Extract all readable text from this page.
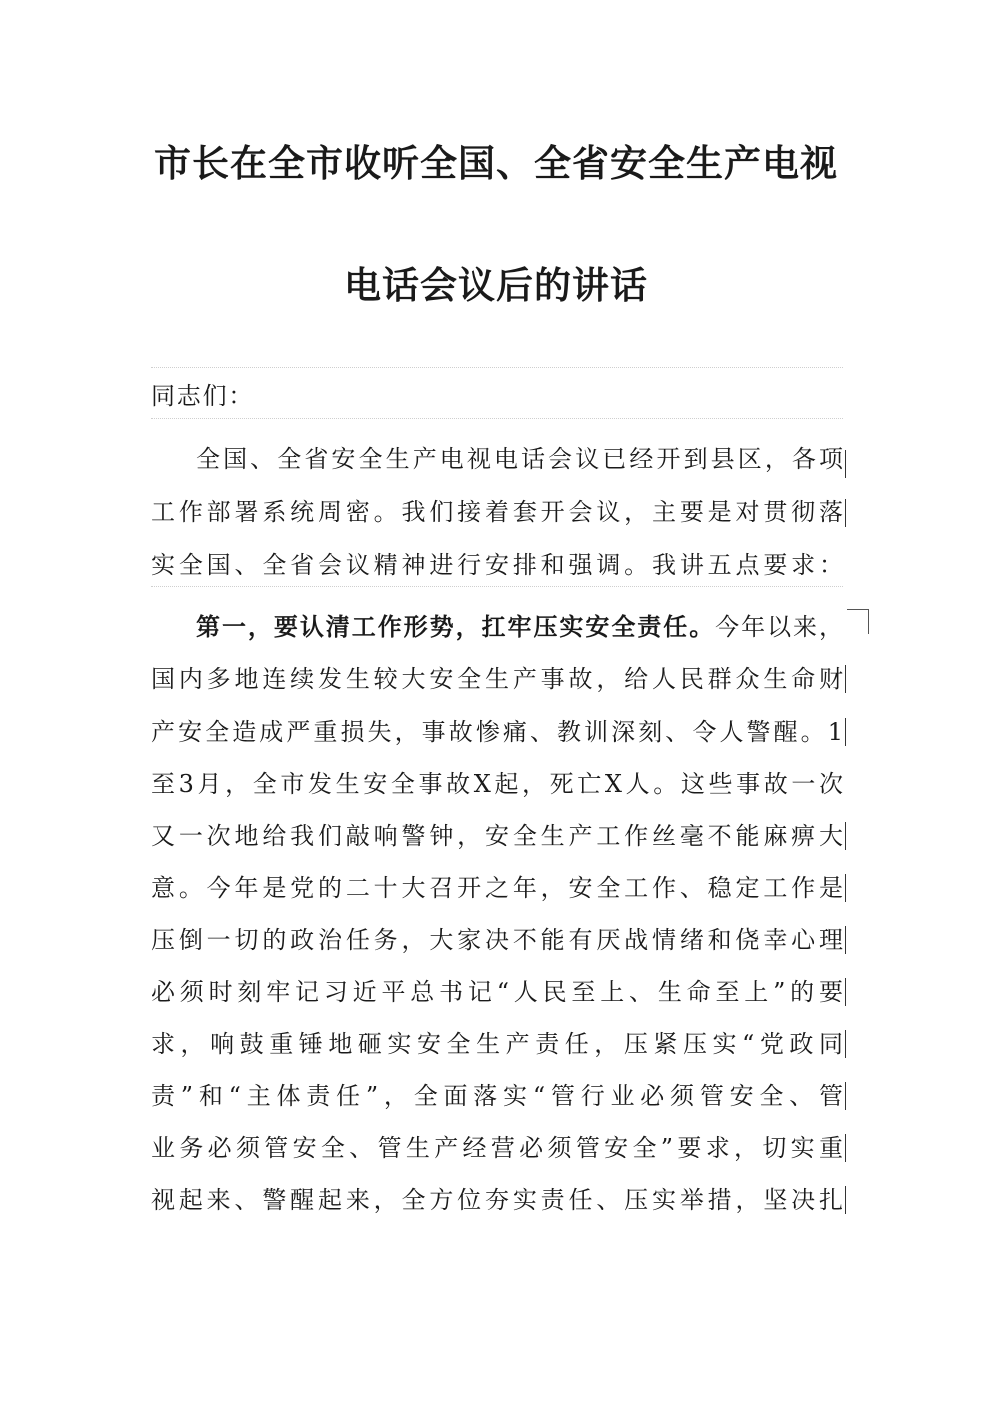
市长在全市收听全国、全省安全生产电视
电话会议后的讲话
同志们：
全国、全省安全生产电视电话会议已经开到县区，各项
工作部署系统周密。我们接着套开会议，主要是对贯彻落
实全国、全省会议精神进行安排和强调。我讲五点要求：
第一，要认清工作形势，扛牢压实安全责任。今年以来，
国内多地连续发生较大安全生产事故，给人民群众生命财
产安全造成严重损失，事故惨痛、教训深刻、令人警醒。1
至3月，全市发生安全事故X起，死亡X人。这些事故一次
又一次地给我们敲响警钟，安全生产工作丝毫不能麻痹大
意。今年是党的二十大召开之年，安全工作、稳定工作是
压倒一切的政治任务，大家决不能有厌战情绪和侥幸心理
必须时刻牢记习近平总书记“人民至上、生命至上”的要
求，响鼓重锤地砸实安全生产责任，压紧压实“党政同
责”和“主体责任”，全面落实“管行业必须管安全、管
业务必须管安全、管生产经营必须管安全”要求，切实重
视起来、警醒起来，全方位夯实责任、压实举措，坚决扎
